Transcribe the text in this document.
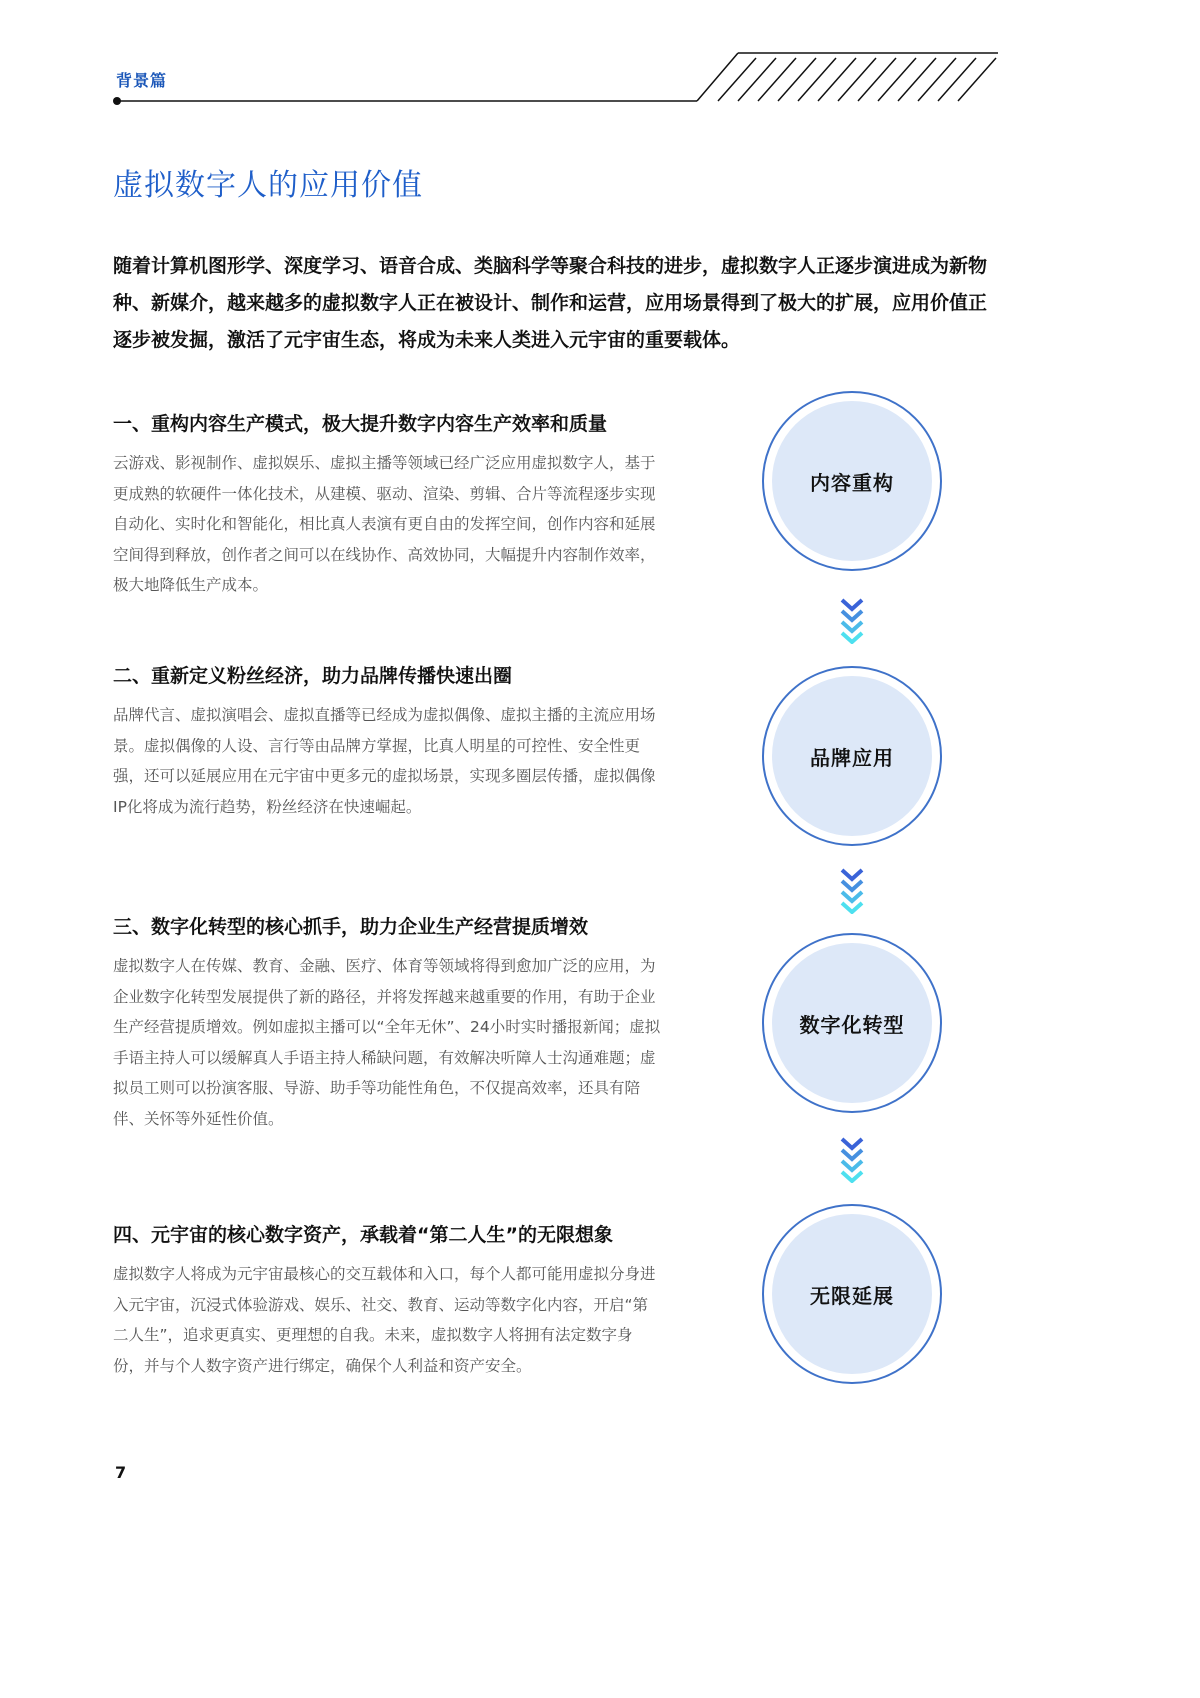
背景篇
虚拟数字人的应用价值
随着计算机图形学、深度学习、语音合成、类脑科学等聚合科技的进步，虚拟数字人正逐步演进成为新物种、新媒介，越来越多的虚拟数字人正在被设计、制作和运营，应用场景得到了极大的扩展，应用价值正逐步被发掘，激活了元宇宙生态，将成为未来人类进入元宇宙的重要载体。
一、重构内容生产模式，极大提升数字内容生产效率和质量
云游戏、影视制作、虚拟娱乐、虚拟主播等领域已经广泛应用虚拟数字人，基于更成熟的软硬件一体化技术，从建模、驱动、渲染、剪辑、合片等流程逐步实现自动化、实时化和智能化，相比真人表演有更自由的发挥空间，创作内容和延展空间得到释放，创作者之间可以在线协作、高效协同，大幅提升内容制作效率，极大地降低生产成本。
二、重新定义粉丝经济，助力品牌传播快速出圈
品牌代言、虚拟演唱会、虚拟直播等已经成为虚拟偶像、虚拟主播的主流应用场景。虚拟偶像的人设、言行等由品牌方掌握，比真人明星的可控性、安全性更强，还可以延展应用在元宇宙中更多元的虚拟场景，实现多圈层传播，虚拟偶像IP化将成为流行趋势，粉丝经济在快速崛起。
三、数字化转型的核心抓手，助力企业生产经营提质增效
虚拟数字人在传媒、教育、金融、医疗、体育等领域将得到愈加广泛的应用，为企业数字化转型发展提供了新的路径，并将发挥越来越重要的作用，有助于企业生产经营提质增效。例如虚拟主播可以“全年无休”、24小时实时播报新闻；虚拟手语主持人可以缓解真人手语主持人稀缺问题，有效解决听障人士沟通难题；虚拟员工则可以扮演客服、导游、助手等功能性角色，不仅提高效率，还具有陪伴、关怀等外延性价值。
四、元宇宙的核心数字资产，承载着“第二人生”的无限想象
虚拟数字人将成为元宇宙最核心的交互载体和入口，每个人都可能用虚拟分身进入元宇宙，沉浸式体验游戏、娱乐、社交、教育、运动等数字化内容，开启“第二人生”，追求更真实、更理想的自我。未来，虚拟数字人将拥有法定数字身份，并与个人数字资产进行绑定，确保个人利益和资产安全。
内容重构
品牌应用
数字化转型
无限延展
7
